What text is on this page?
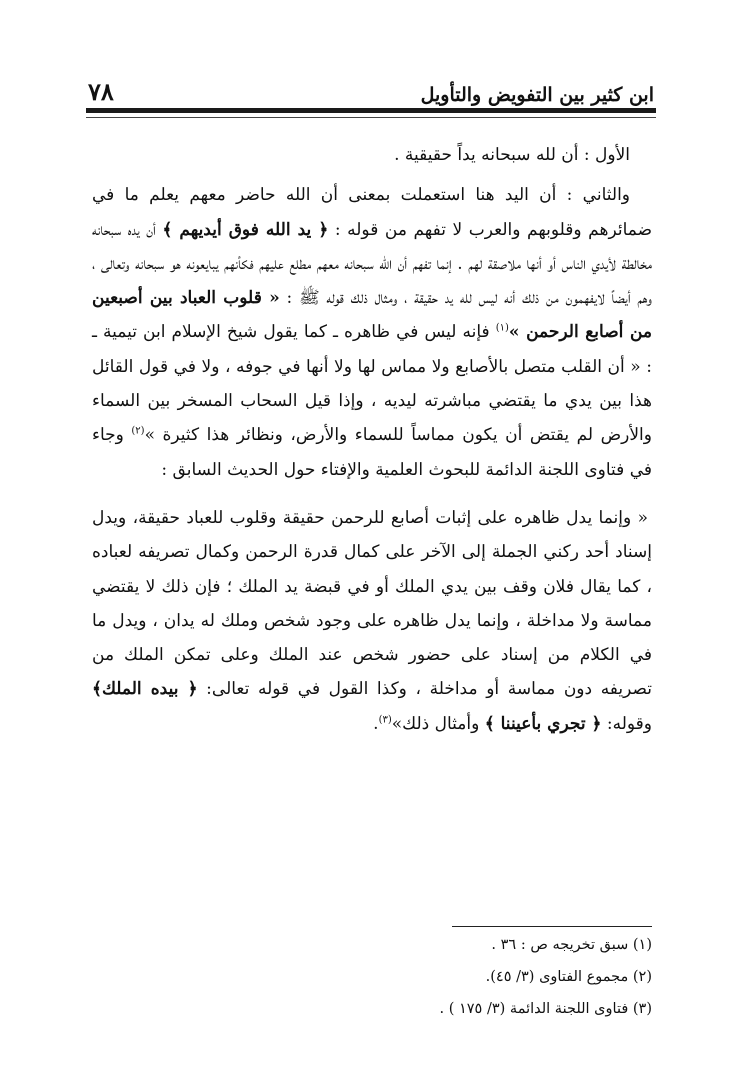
٧٨	ابن كثير بين التفويض والتأويل

الأول : أن لله سبحانه يداً حقيقية .

والثاني : أن اليد هنا استعملت بمعنى أن الله حاضر معهم يعلم ما في ضمائرهم وقلوبهم والعرب لا تفهم من قوله : ﴿ يد الله فوق أيديهم ﴾ أن يده سبحانه مخالطة لأيدي الناس أو أنها ملاصقة لهم . إنما تفهم أن الله سبحانه معهم مطلع عليهم فكأنهم يبايعونه هو سبحانه وتعالى ، وهم أيضاً لايفهمون من ذلك أنه ليس لله يد حقيقة ، ومثال ذلك قوله ﷺ : « قلوب العباد بين أصبعين من أصابع الرحمن »$^{(١)}$ فإنه ليس في ظاهره ـ كما يقول شيخ الإسلام ابن تيمية ـ : « أن القلب متصل بالأصابع ولا مماس لها ولا أنها في جوفه ، ولا في قول القائل هذا بين يدي ما يقتضي مباشرته ليديه ، وإذا قيل السحاب المسخر بين السماء والأرض لم يقتض أن يكون مماساً للسماء والأرض، ونظائر هذا كثيرة »$^{(٢)}$ وجاء في فتاوى اللجنة الدائمة للبحوث العلمية والإفتاء حول الحديث السابق :

« وإنما يدل ظاهره على إثبات أصابع للرحمن حقيقة وقلوب للعباد حقيقة، ويدل إسناد أحد ركني الجملة إلى الآخر على كمال قدرة الرحمن وكمال تصريفه لعباده ، كما يقال فلان وقف بين يدي الملك أو في قبضة يد الملك ؛ فإن ذلك لا يقتضي مماسة ولا مداخلة ، وإنما يدل ظاهره على وجود شخص وملك له يدان ، ويدل ما في الكلام من إسناد على حضور شخص عند الملك وعلى تمكن الملك من تصريفه دون مماسة أو مداخلة ، وكذا القول في قوله تعالى: ﴿ بيده الملك﴾ وقوله: ﴿ تجري بأعيننا ﴾ وأمثال ذلك»$^{(٣)}$.

(١) سبق تخريجه ص : ٣٦ .
(٢) مجموع الفتاوى (٣/ ٤٥).
(٣) فتاوى اللجنة الدائمة (٣/ ١٧٥ ) .
